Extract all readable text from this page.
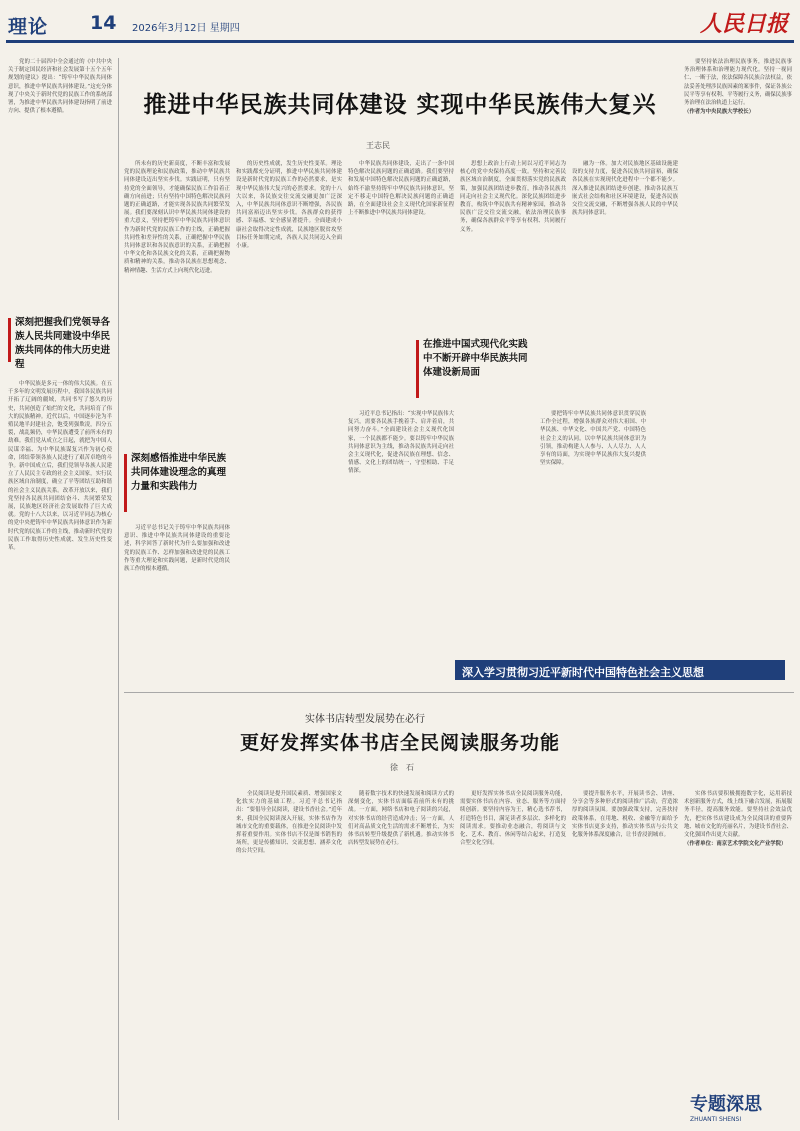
理论 14 2026年3月12日 星期四	人民日报
推进中华民族共同体建设 实现中华民族伟大复兴
王志民

党的二十届四中全会通过的《中共中央关于制定国民经济和社会发展第十五个五年规划的建议》提出：“铸牢中华民族共同体意识，推进中华民族共同体建设。”这充分体现了中央关于新时代党的民族工作的系统部署，为推进中华民族共同体建设指明了前进方向、提供了根本遵循。

深刻把握我们党领导各族人民共同建设中华民族共同体的伟大历史进程

中华民族是多元一体的伟大民族。在五千多年的文明发展历程中，我国各民族共同开拓了辽阔的疆域，共同书写了悠久的历史，共同创造了灿烂的文化，共同培育了伟大的民族精神。近代以后，中国逐步沦为半殖民地半封建社会，饱受列强欺凌，四分五裂，战乱频仍，中华民族遭受了前所未有的劫难。我们党从成立之日起，就把为中国人民谋幸福、为中华民族谋复兴作为初心使命，团结带领各族人民进行了艰苦卓绝的斗争。新中国成立后，我们党领导各族人民建立了人民民主专政的社会主义国家，实行民族区域自治制度，确立了平等团结互助和谐的社会主义民族关系。改革开放以来，我们党坚持各民族共同团结奋斗、共同繁荣发展，民族地区经济社会发展取得了巨大成就。党的十八大以来，以习近平同志为核心的党中央把铸牢中华民族共同体意识作为新时代党的民族工作的主线，推动新时代党的民族工作取得历史性成就、发生历史性变革。

所未有的历史新高度，不断丰富和发展党的民族理论和民族政策，推动中华民族共同体建设迈出坚实步伐。实践证明，只有坚持党的全面领导，才能确保民族工作沿着正确方向前进；只有坚持中国特色解决民族问题的正确道路，才能实现各民族共同繁荣发展。我们要深刻认识中华民族共同体建设的重大意义，坚持把铸牢中华民族共同体意识作为新时代党的民族工作的主线，正确把握共同性和差异性的关系，正确把握中华民族共同体意识和各民族意识的关系，正确把握中华文化和各民族文化的关系，正确把握物质和精神的关系，推动各民族在思想观念、精神情趣、生活方式上向现代化迈进。

深刻感悟推进中华民族共同体建设理念的真理力量和实践伟力

习近平总书记关于铸牢中华民族共同体意识、推进中华民族共同体建设的重要论述，科学回答了新时代为什么要加强和改进党的民族工作、怎样加强和改进党的民族工作等重大理论和实践问题，是新时代党的民族工作的根本遵循。

的历史性成就，发生历史性变革。理论和实践都充分证明，推进中华民族共同体建设是新时代党的民族工作的必然要求，是实现中华民族伟大复兴的必然要求。党的十八大以来，各民族交往交流交融更加广泛深入，中华民族共同体意识不断增强，各民族共同富裕迈出坚实步伐。各族群众的获得感、幸福感、安全感显著提升。全面建成小康社会取得决定性成就，民族地区脱贫攻坚目标任务如期完成，各族人民共同迈入全面小康。

中华民族共同体建设，走出了一条中国特色解决民族问题的正确道路。我们要坚持和发展中国特色解决民族问题的正确道路，始终不渝坚持铸牢中华民族共同体意识，坚定不移走中国特色解决民族问题的正确道路，在全面建设社会主义现代化国家新征程上不断推进中华民族共同体建设。

在推进中国式现代化实践中不断开辟中华民族共同体建设新局面

习近平总书记指出：“实现中华民族伟大复兴，需要各民族手挽着手、肩并着肩，共同努力奋斗。”全面建设社会主义现代化国家，一个民族都不能少。要以铸牢中华民族共同体意识为主线，推动各民族共同走向社会主义现代化，促进各民族在理想、信念、情感、文化上的团结统一，守望相助、手足情深。

思想上政治上行动上同以习近平同志为核心的党中央保持高度一致。坚持和完善民族区域自治制度，全面贯彻落实党的民族政策，加强民族团结进步教育，推动各民族共同走向社会主义现代化。深化民族团结进步教育，构筑中华民族共有精神家园，推动各民族广泛交往交流交融，依法治理民族事务，确保各族群众平等享有权利、共同履行义务。

要把铸牢中华民族共同体意识贯穿民族工作全过程，增强各族群众对伟大祖国、中华民族、中华文化、中国共产党、中国特色社会主义的认同。以中华民族共同体意识为引领，推动构建人人参与、人人尽力、人人享有的局面，为实现中华民族伟大复兴提供坚实保障。

融为一体。加大对民族地区基础设施建设的支持力度，促进各民族共同富裕，确保各民族在实现现代化进程中一个都不能少。深入推进民族团结进步创建，推动各民族互嵌式社会结构和社区环境建设，促进各民族交往交流交融，不断增强各族人民的中华民族共同体意识。

要坚持依法治理民族事务，推进民族事务治理体系和治理能力现代化。坚持一视同仁、一断于法，依法保障各民族合法权益，依法妥善处理涉民族因素的案事件，保证各族公民平等享有权利、平等履行义务，确保民族事务治理在法治轨道上运行。

（作者为中央民族大学校长）

深入学习贯彻习近平新时代中国特色社会主义思想
实体书店转型发展势在必行
更好发挥实体书店全民阅读服务功能
徐　石

全民阅读是提升国民素质、增强国家文化软实力的基础工程。习近平总书记指出：“要倡导全民阅读，建设书香社会。”近年来，我国全民阅读深入开展，实体书店作为城市文化的重要载体，在推进全民阅读中发挥着重要作用。实体书店不仅是图书销售的场所，更是传播知识、交流思想、涵养文化的公共空间。

随着数字技术的快速发展和阅读方式的深刻变化，实体书店面临着前所未有的挑战。一方面，网络书店和电子阅读的兴起，对实体书店的经营造成冲击；另一方面，人们对高品质文化生活的需求不断增长，为实体书店转型升级提供了新机遇。推动实体书店转型发展势在必行。

更好发挥实体书店全民阅读服务功能，需要实体书店在内容、业态、服务等方面持续创新。要坚持内容为王，精心选书荐书，打造特色书目，满足读者多层次、多样化的阅读需求。要推动业态融合，将阅读与文化、艺术、教育、休闲等结合起来，打造复合型文化空间。

要提升服务水平，开展读书会、讲座、分享会等多种形式的阅读推广活动，营造浓厚的阅读氛围。要加强政策支持，完善扶持政策体系，在用地、税收、金融等方面给予实体书店更多支持，推动实体书店与公共文化服务体系深度融合，让书香浸润城市。

实体书店要积极拥抱数字化，运用新技术创新服务方式，线上线下融合发展，拓展服务半径，提高服务效能。要坚持社会效益优先，把实体书店建设成为全民阅读的重要阵地、城市文化的亮丽名片，为建设书香社会、文化强国作出更大贡献。

（作者单位：南京艺术学院文化产业学院）

专题深思
ZHUANTI SHENSI
